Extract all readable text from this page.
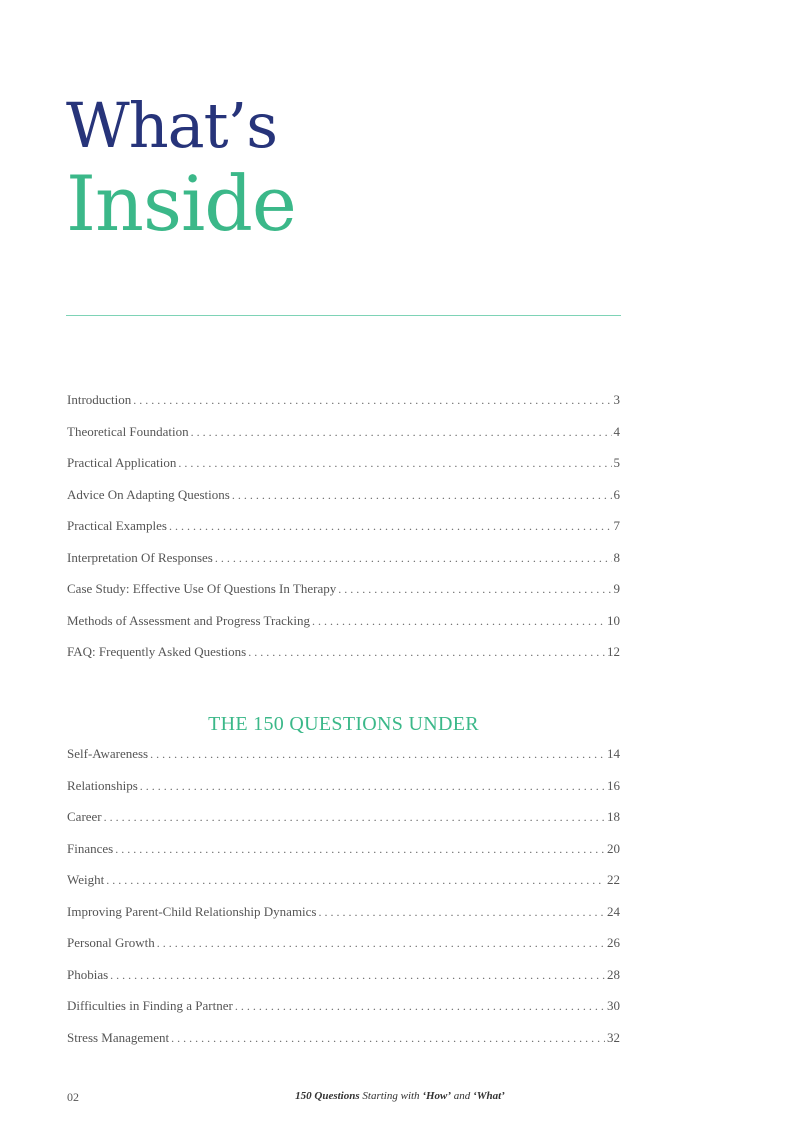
What’s
Inside
Introduction . . .	3
Theoretical Foundation . . .	4
Practical Application . . .	5
Advice On Adapting Questions . . .	6
Practical Examples . . .	7
Interpretation Of Responses . . .	8
Case Study: Effective Use Of Questions In Therapy . . .	9
Methods of Assessment and Progress Tracking . . .	10
FAQ: Frequently Asked Questions . . .	12
THE 150 QUESTIONS UNDER
Self-Awareness . . .	14
Relationships . . .	16
Career . . .	18
Finances . . .	20
Weight . . .	22
Improving Parent-Child Relationship Dynamics . . .	24
Personal Growth . . .	26
Phobias . . .	28
Difficulties in Finding a Partner . . .	30
Stress Management . . .	32
02	150 Questions Starting with ‘How’ and ‘What’
